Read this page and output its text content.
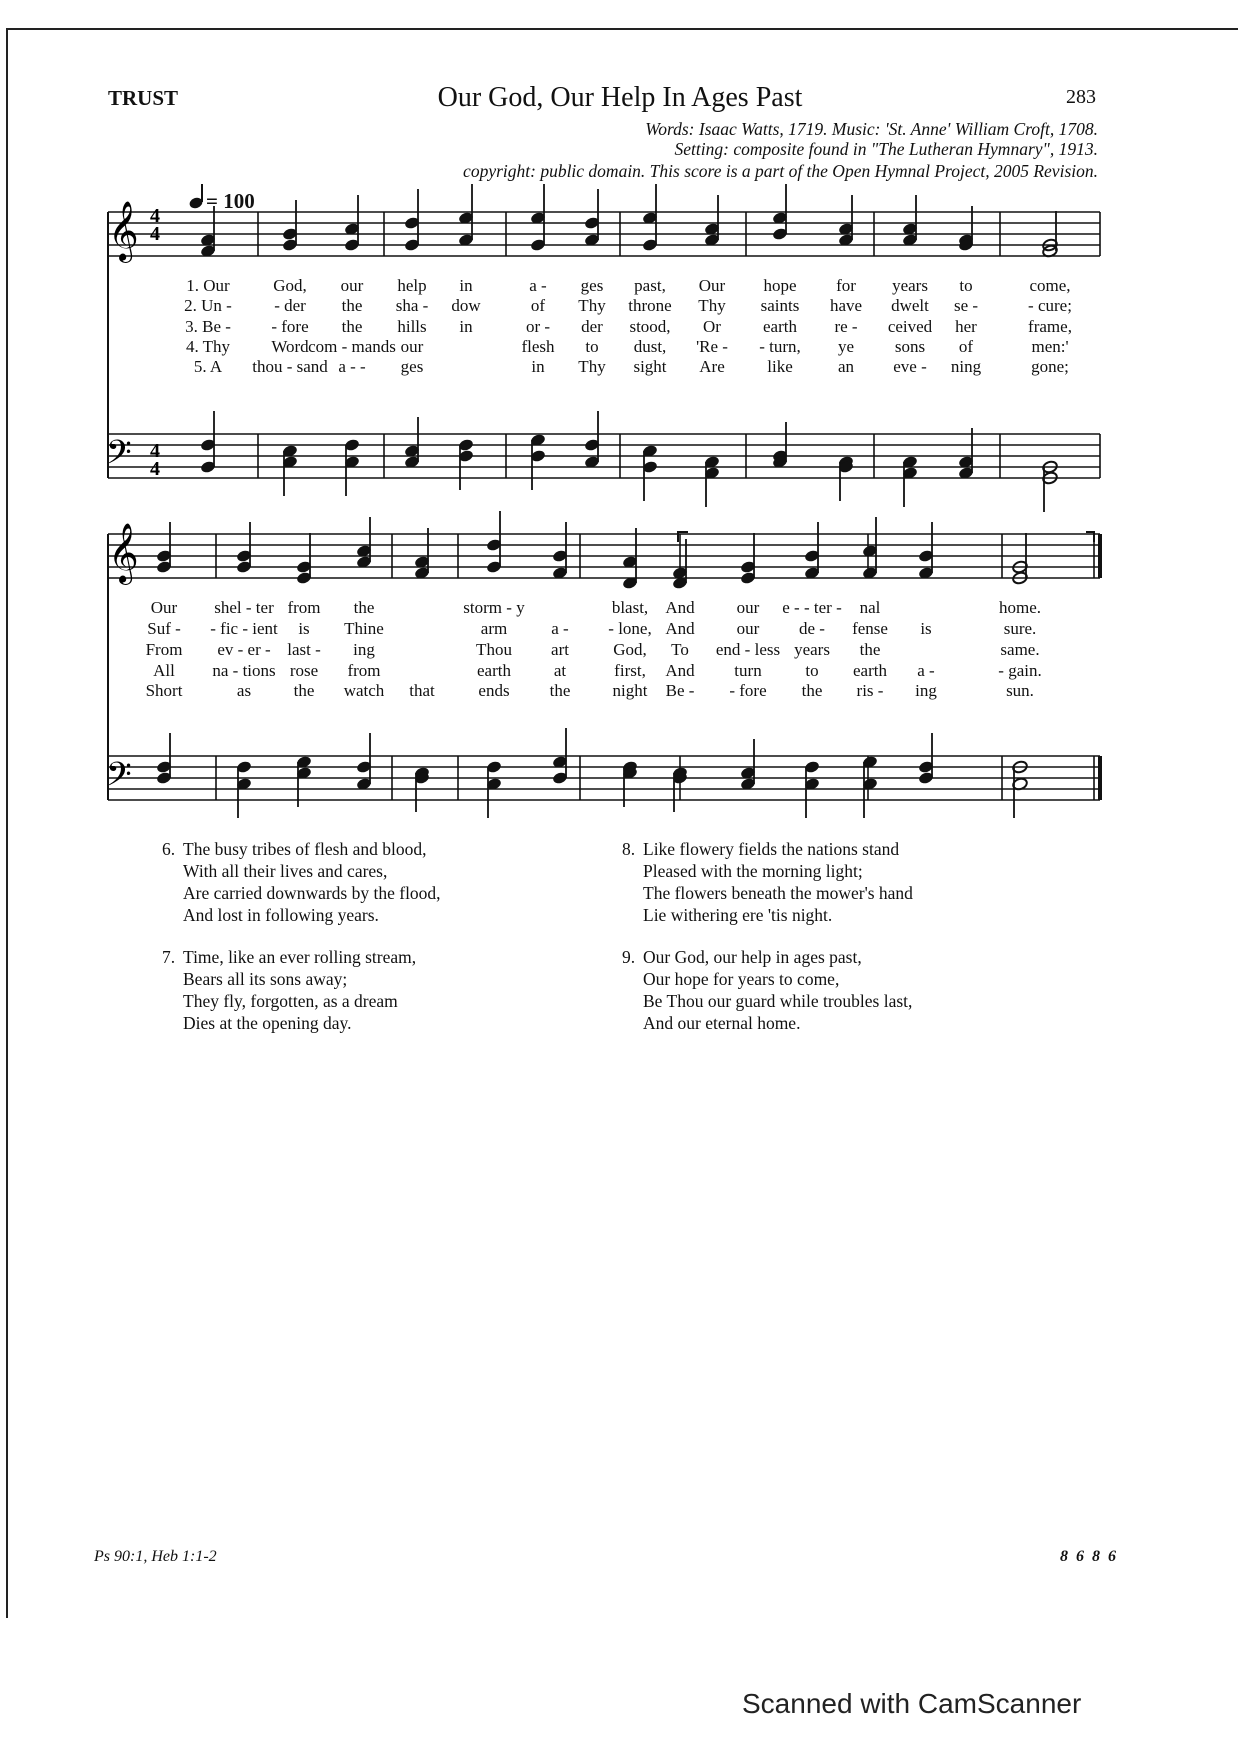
TRUST	Our God, Our Help In Ages Past	283
Words: Isaac Watts, 1719. Music: 'St. Anne' William Croft, 1708.
Setting: composite found in "The Lutheran Hymnary", 1913.
copyright: public domain. This score is a part of the Open Hymnal Project, 2005 Revision.
𝄞
𝄢
𝄞
𝄢
4
4
4
4
1. Our	God, our help in	a - ges past, Our hope for years to	come,
2. Un - - der the sha - dow	of Thy throne Thy saints have dwelt se -	- cure;
3. Be - - fore the hills in	or - der stood, Or earth re - ceived her	frame,
4. Thy Word com - mands our	flesh to dust, 'Re - - turn, ye sons of	men:'
5. A thou - sand a - - ges	in Thy sight Are	like	an eve - ning	gone;
Our shel - ter from the	storm - y	blast, And our e - - ter - nal	home.
Suf - - fic - ient is Thine	arm	a - - lone, And our de - fense is	sure.
From ev - er - last - ing	Thou art	God, To end - less years the	same.
All na - tions rose from	earth	at	first, And turn	to earth a -	- gain.
Short	as	the watch that	ends the night Be - - fore the ris - ing	sun.
6. The busy tribes of flesh and blood,
With all their lives and cares,
Are carried downwards by the flood,
And lost in following years.
8. Like flowery fields the nations stand
Pleased with the morning light;
The flowers beneath the mower's hand
Lie withering ere 'tis night.
7. Time, like an ever rolling stream,
Bears all its sons away;
They fly, forgotten, as a dream
Dies at the opening day.
9. Our God, our help in ages past,
Our hope for years to come,
Be Thou our guard while troubles last,
And our eternal home.
= 100
Ps 90:1, Heb 1:1-2	8 6 8 6
Scanned with CamScanner
